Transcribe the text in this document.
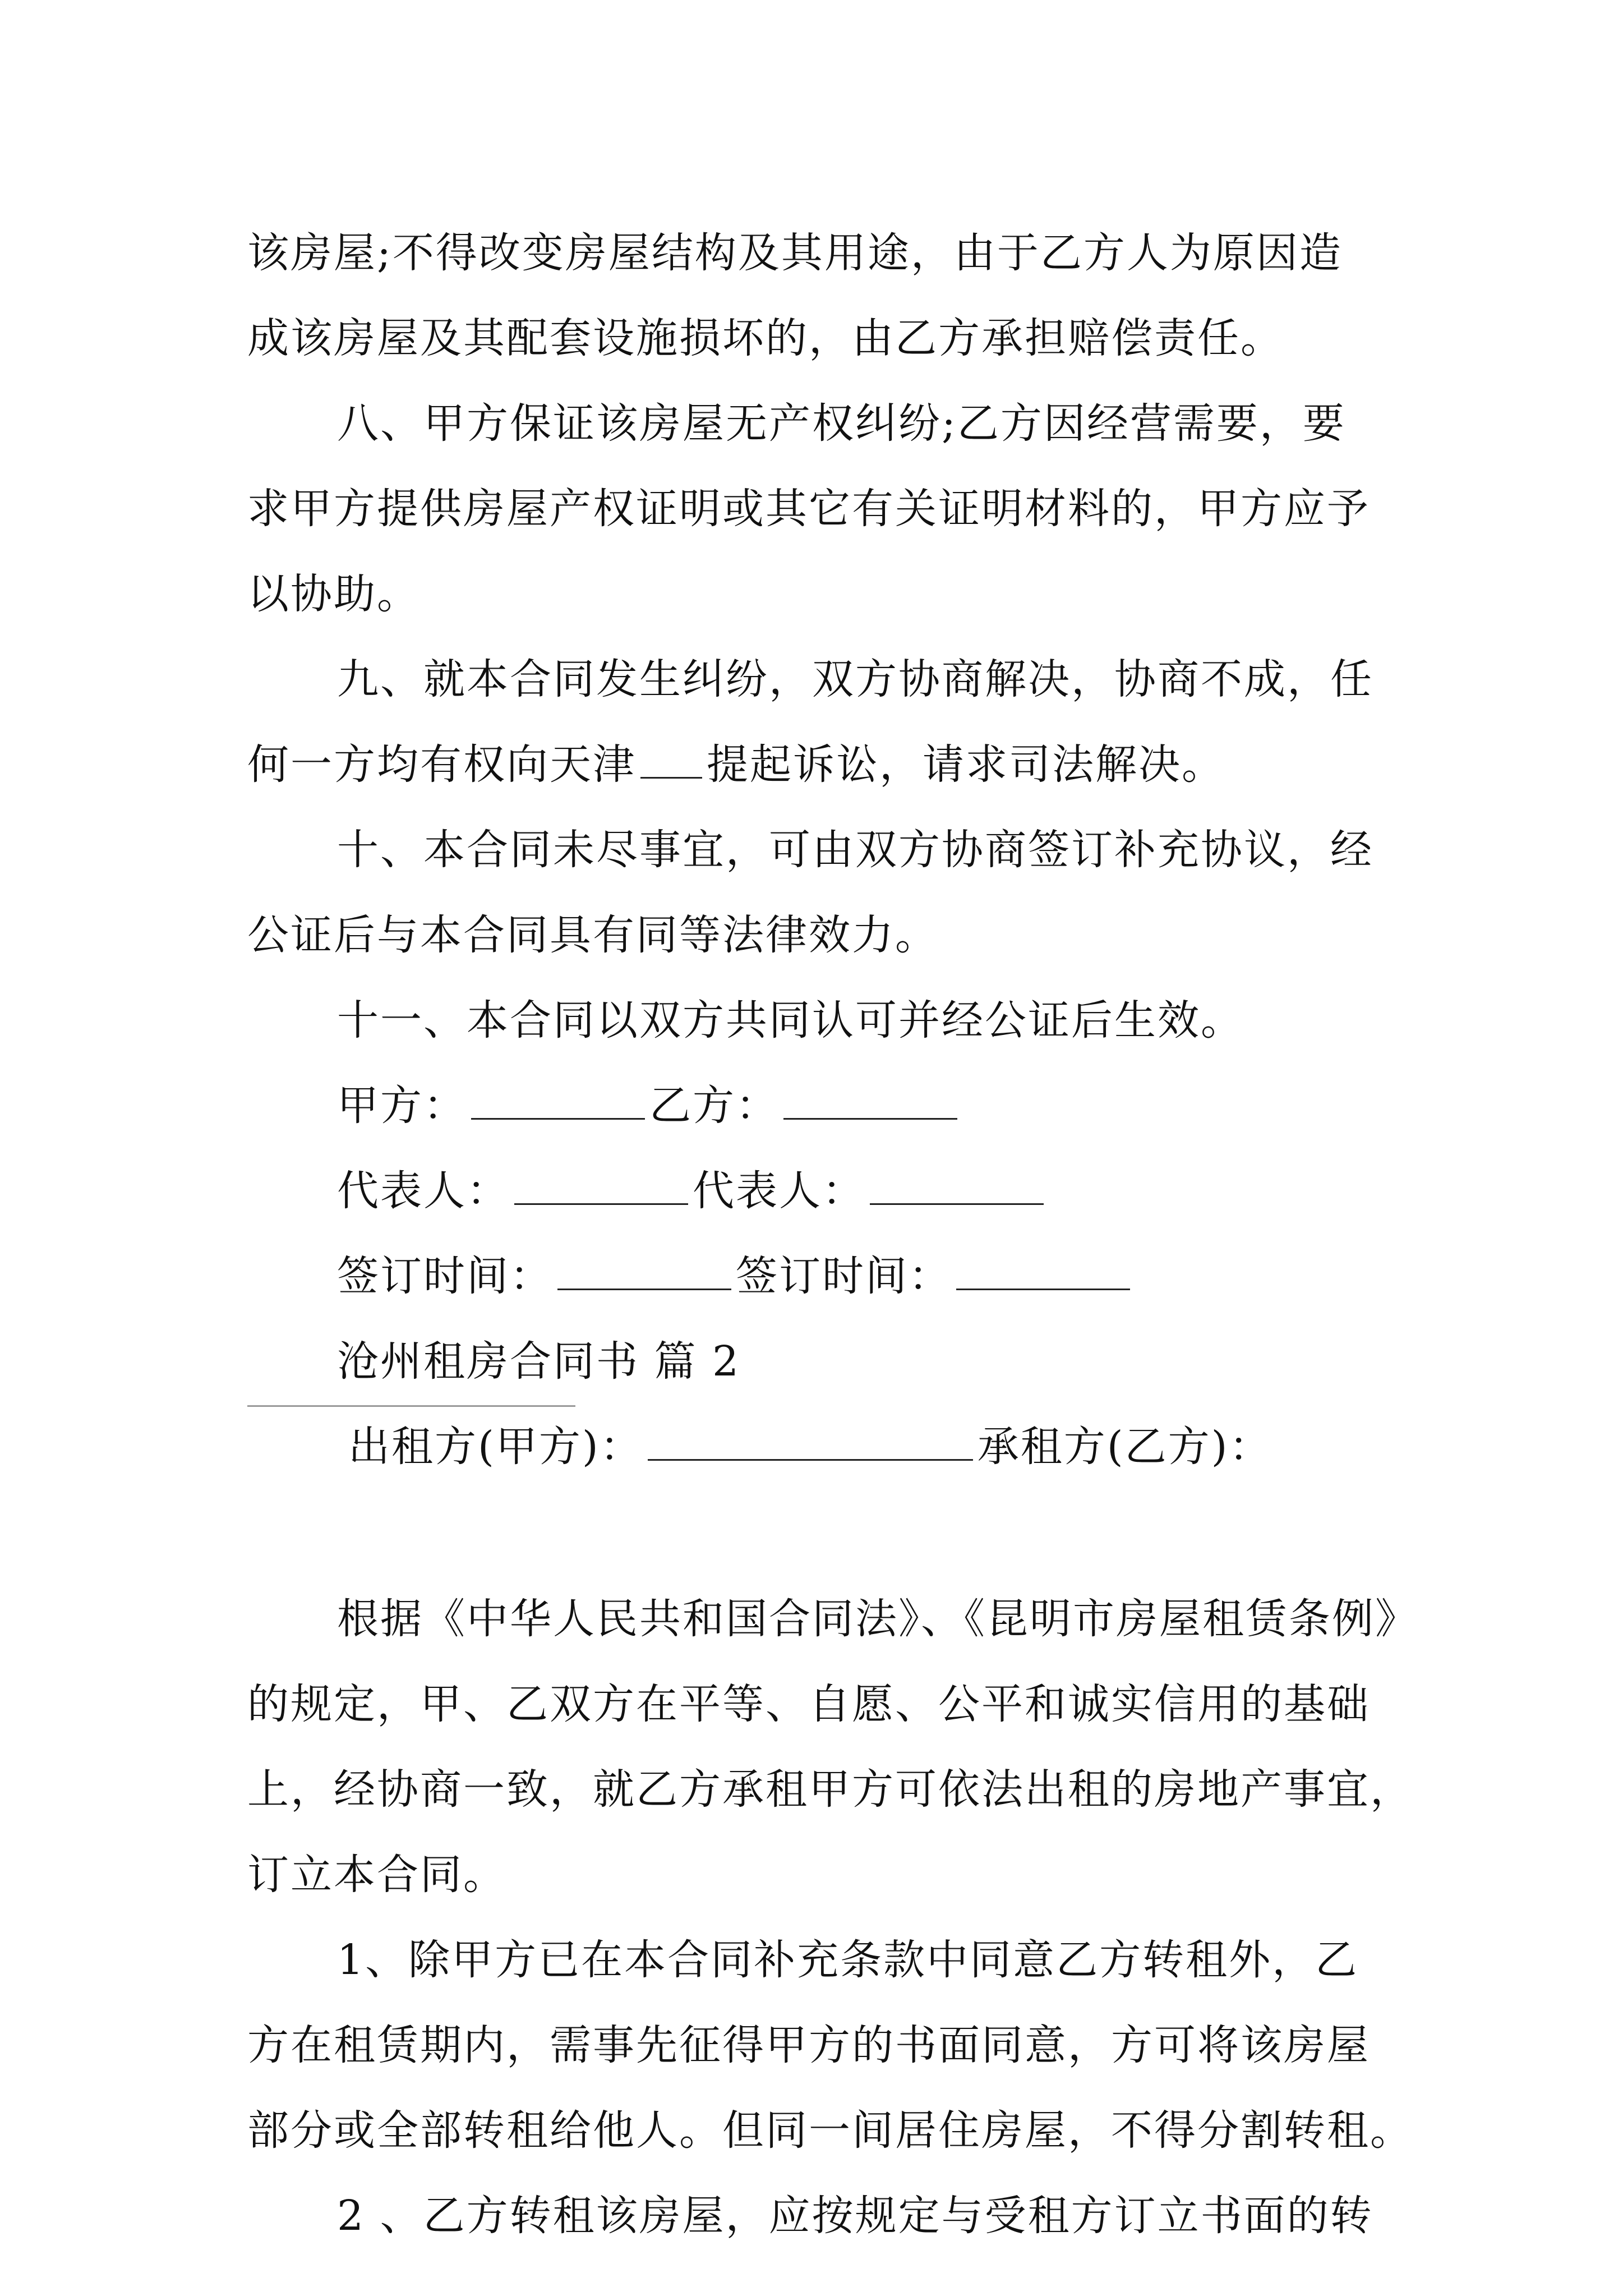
该房屋;不得改变房屋结构及其用途，由于乙方人为原因造
成该房屋及其配套设施损坏的，由乙方承担赔偿责任。
八、甲方保证该房屋无产权纠纷;乙方因经营需要，要
求甲方提供房屋产权证明或其它有关证明材料的，甲方应予
以协助。
九、就本合同发生纠纷，双方协商解决，协商不成，任
何一方均有权向天津 提起诉讼，请求司法解决。
十、本合同未尽事宜，可由双方协商签订补充协议，经
公证后与本合同具有同等法律效力。
十一、本合同以双方共同认可并经公证后生效。
甲方：	乙方：
代表人：	代表人：
签订时间：	签订时间：
沧州租房合同书 篇 2
出租方(甲方)：	承租方(乙方)：
根据《中华人民共和国合同法》、《昆明市房屋租赁条例》
的规定，甲、乙双方在平等、自愿、公平和诚实信用的基础
上，经协商一致，就乙方承租甲方可依法出租的房地产事宜，
订立本合同。
1、除甲方已在本合同补充条款中同意乙方转租外，乙
方在租赁期内，需事先征得甲方的书面同意，方可将该房屋
部分或全部转租给他人。但同一间居住房屋，不得分割转租。
2 、乙方转租该房屋，应按规定与受租方订立书面的转
